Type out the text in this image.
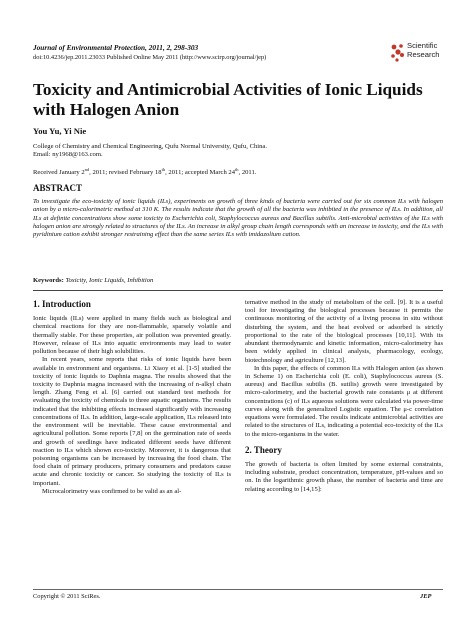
Journal of Environmental Protection, 2011, 2, 298-303
doi:10.4236/jep.2011.23033 Published Online May 2011 (http://www.scirp.org/journal/jep)
Scientific
Research
Toxicity and Antimicrobial Activities of Ionic Liquids with Halogen Anion
You Yu, Yi Nie
College of Chemistry and Chemical Engineering, Qufu Normal University, Qufu, China.
Email: ny1968@163.com.
Received January 2nd, 2011; revised February 18th, 2011; accepted March 24th, 2011.
ABSTRACT

To investigate the eco-toxicity of ionic liquids (ILs), experiments on growth of three kinds of bacteria were carried out for six common ILs with halogen anion by a micro-calorimetric method at 310 K. The results indicate that the growth of all the bacteria was inhibited in the presence of ILs. In addition, all ILs at definite concentrations show some toxicity to Escherichia coli, Staphylococcus aureus and Bacillus subtilis. Anti-microbial activities of the ILs with halogen anion are strongly related to structures of the ILs. An increase in alkyl group chain length corresponds with an increase in toxicity, and the ILs with pyridinium cation exhibit stronger restraining effect than the same series ILs with imidazolium cation.

Keywords: Toxicity, Ionic Liquids, Inhibition
1. Introduction

Ionic liquids (ILs) were applied in many fields such as biological and chemical reactions for they are non-flammable, sparsely volatile and thermally stable. For these properties, air pollution was prevented greatly. However, release of ILs into aquatic environments may lead to water pollution because of their high solubilities.

In recent years, some reports that risks of ionic liquids have been available in environment and organisms. Li Xiaoy et al. [1-5] studied the toxicity of ionic liquids to Daphnia magna. The results showed that the toxicity to Daphnia magna increased with the increasing of n-alkyl chain length. Zhang Feng et al. [6] carried out standard test methods for evaluating the toxicity of chemicals to three aquatic organisms. The results indicated that the inhibiting effects increased significantly with increasing concentrations of ILs. In addition, large-scale application, ILs released into the environment will be inevitable. These cause environmental and agricultural pollution. Some reports [7,8] on the germination rate of seeds and growth of seedlings have indicated different seeds have different reaction to ILs which shown eco-toxicity. Moreover, it is dangerous that poisoning organisms can be increased by increasing the food chain. The food chain of primary producers, primary consumers and predators cause acute and chronic toxicity or cancer. So studying the toxicity of ILs is important.

Microcalorimetry was confirmed to be valid as an al-

ternative method in the study of metabolism of the cell. [9]. It is a useful tool for investigating the biological processes because it permits the continuous monitoring of the activity of a living process in situ without disturbing the system, and the heat evolved or adsorbed is strictly proportional to the rate of the biological processes [10,11]. With its abundant thermodynamic and kinetic information, micro-calorimetry has been widely applied in clinical analysis, pharmacology, ecology, biotechnology and agriculture [12,13].

In this paper, the effects of common ILs with Halogen anion (as shown in Scheme 1) on Escherichia coli (E. coli), Staphylococcus aureus (S. aureus) and Bacillus subtilis (B. sutilis) growth were investigated by micro-calorimetry, and the bacterial growth rate constants μ at different concentrations (c) of ILs aqueous solutions were calculated via power-time curves along with the generalized Logistic equation. The μ-c correlation equations were formulated. The results indicate antimicrobial activities are related to the structures of ILs, indicating a potential eco-toxicity of the ILs to the micro-organisms in the water.

2. Theory

The growth of bacteria is often limited by some external constraints, including substrate, product concentration, temperature, pH-values and so on. In the logarithmic growth phase, the number of bacteria and time are relating according to [14,15]:

Copyright © 2011 SciRes.	JEP
